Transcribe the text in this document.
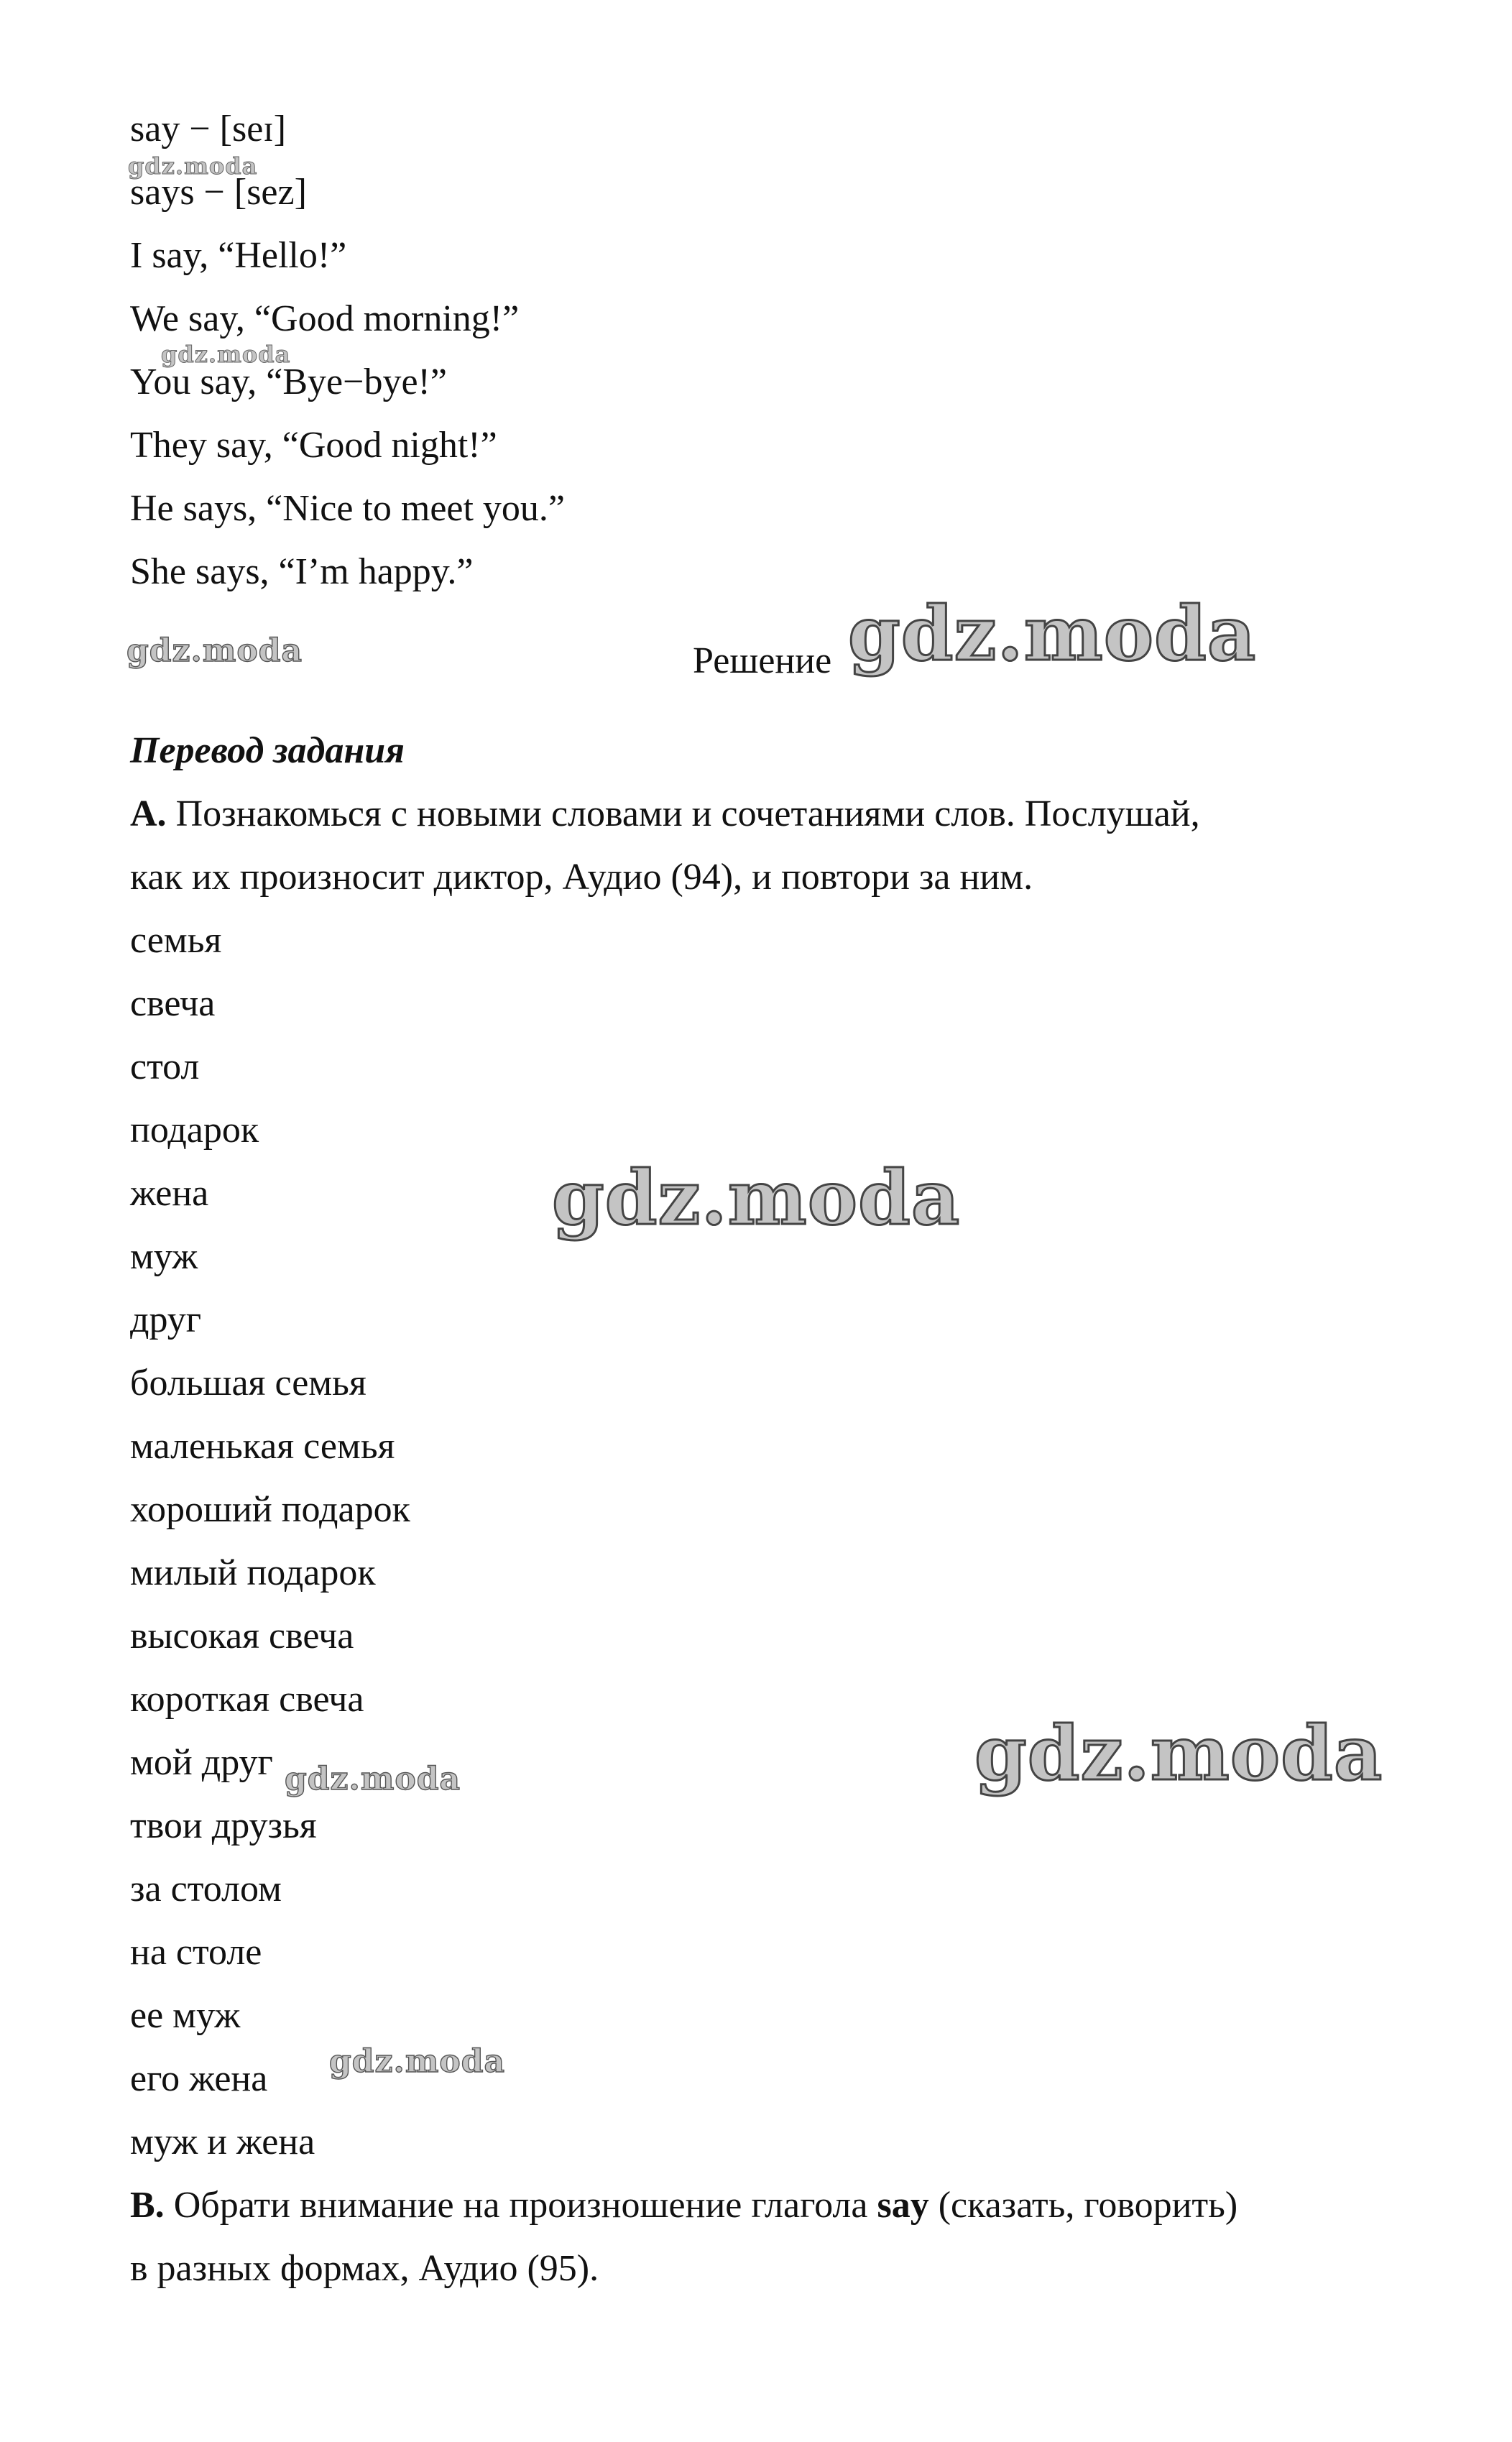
say − [seɪ]

says − [sez]

I say, “Hello!”

We say, “Good morning!”

You say, “Bye−bye!”

They say, “Good night!”

He says, “Nice to meet you.”

She says, “I’m happy.”

Решение

Перевод задания

A. Познакомься с новыми словами и сочетаниями слов. Послушай,

как их произносит диктор, Аудио (94), и повтори за ним.

семья

свеча

стол

подарок

жена

муж

друг

большая семья

маленькая семья

хороший подарок

милый подарок

высокая свеча

короткая свеча

мой друг

твои друзья

за столом

на столе

ее муж

его жена

муж и жена

B. Обрати внимание на произношение глагола say (сказать, говорить)

в разных формах, Аудио (95).

gdz.moda
gdz.moda
gdz.moda	gdz.moda
gdz.moda
gdz.moda	gdz.moda
gdz.moda
